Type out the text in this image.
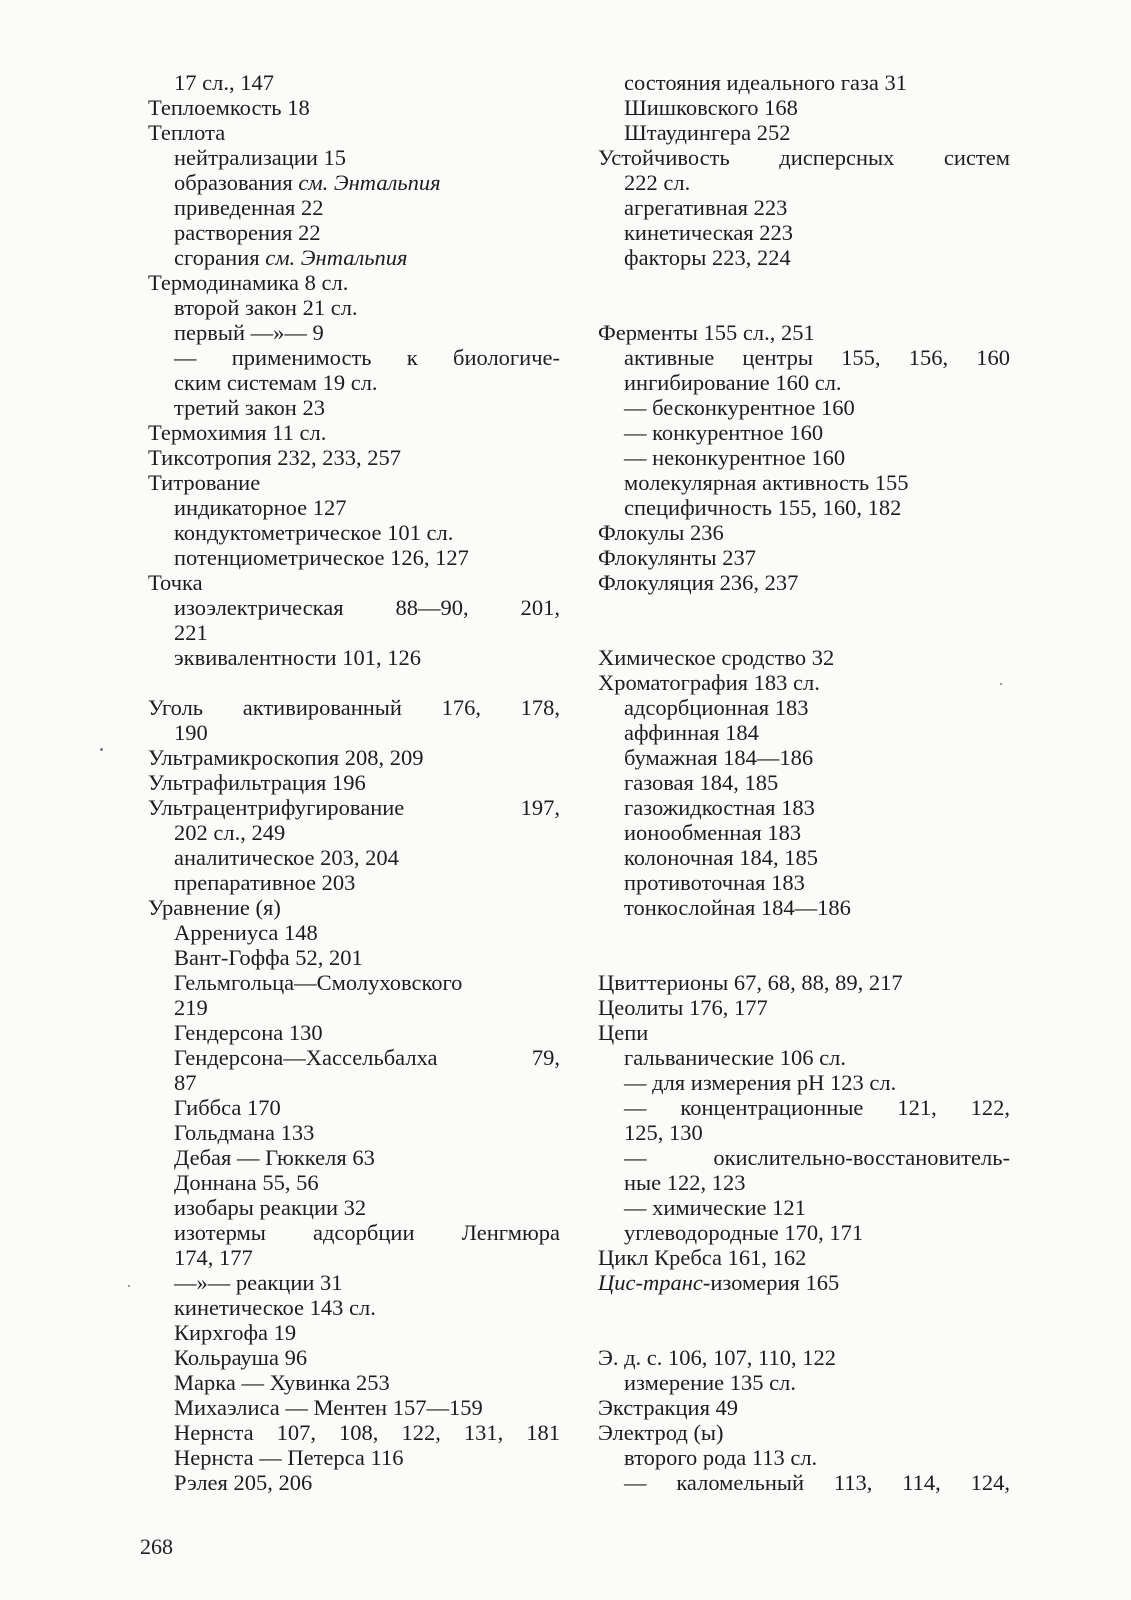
17 сл., 147
Теплоемкость 18
Теплота
нейтрализации 15
образования см. Энтальпия
приведенная 22
растворения 22
сгорания см. Энтальпия
Термодинамика 8 сл.
второй закон 21 сл.
первый —»— 9
— применимость к биологиче-
ским системам 19 сл.
третий закон 23
Термохимия 11 сл.
Тиксотропия 232, 233, 257
Титрование
индикаторное 127
кондуктометрическое 101 сл.
потенциометрическое 126, 127
Точка
изоэлектрическая 88—90, 201,
221
эквивалентности 101, 126
Уголь активированный 176, 178,
190
Ультрамикроскопия 208, 209
Ультрафильтрация 196
Ультрацентрифугирование 197,
202 сл., 249
аналитическое 203, 204
препаративное 203
Уравнение (я)
Аррениуса 148
Вант-Гоффа 52, 201
Гельмгольца—Смолуховского
219
Гендерсона 130
Гендерсона—Хассельбалха 79,
87
Гиббса 170
Гольдмана 133
Дебая — Гюккеля 63
Доннана 55, 56
изобары реакции 32
изотермы адсорбции Ленгмюра
174, 177
—»— реакции 31
кинетическое 143 сл.
Кирхгофа 19
Кольрауша 96
Марка — Хувинка 253
Михаэлиса — Ментен 157—159
Нернста 107, 108, 122, 131, 181
Нернста — Петерса 116
Рэлея 205, 206
состояния идеального газа 31
Шишковского 168
Штаудингера 252
Устойчивость дисперсных систем
222 сл.
агрегативная 223
кинетическая 223
факторы 223, 224
Ферменты 155 сл., 251
активные центры 155, 156, 160
ингибирование 160 сл.
— бесконкурентное 160
— конкурентное 160
— неконкурентное 160
молекулярная активность 155
специфичность 155, 160, 182
Флокулы 236
Флокулянты 237
Флокуляция 236, 237
Химическое сродство 32
Хроматография 183 сл.
адсорбционная 183
аффинная 184
бумажная 184—186
газовая 184, 185
газожидкостная 183
ионообменная 183
колоночная 184, 185
противоточная 183
тонкослойная 184—186
Цвиттерионы 67, 68, 88, 89, 217
Цеолиты 176, 177
Цепи
гальванические 106 сл.
— для измерения pH 123 сл.
— концентрационные 121, 122,
125, 130
— окислительно-восстановитель-
ные 122, 123
— химические 121
углеводородные 170, 171
Цикл Кребса 161, 162
Цис-транс-изомерия 165
Э. д. с. 106, 107, 110, 122
измерение 135 сл.
Экстракция 49
Электрод (ы)
второго рода 113 сл.
— каломельный 113, 114, 124,
268
